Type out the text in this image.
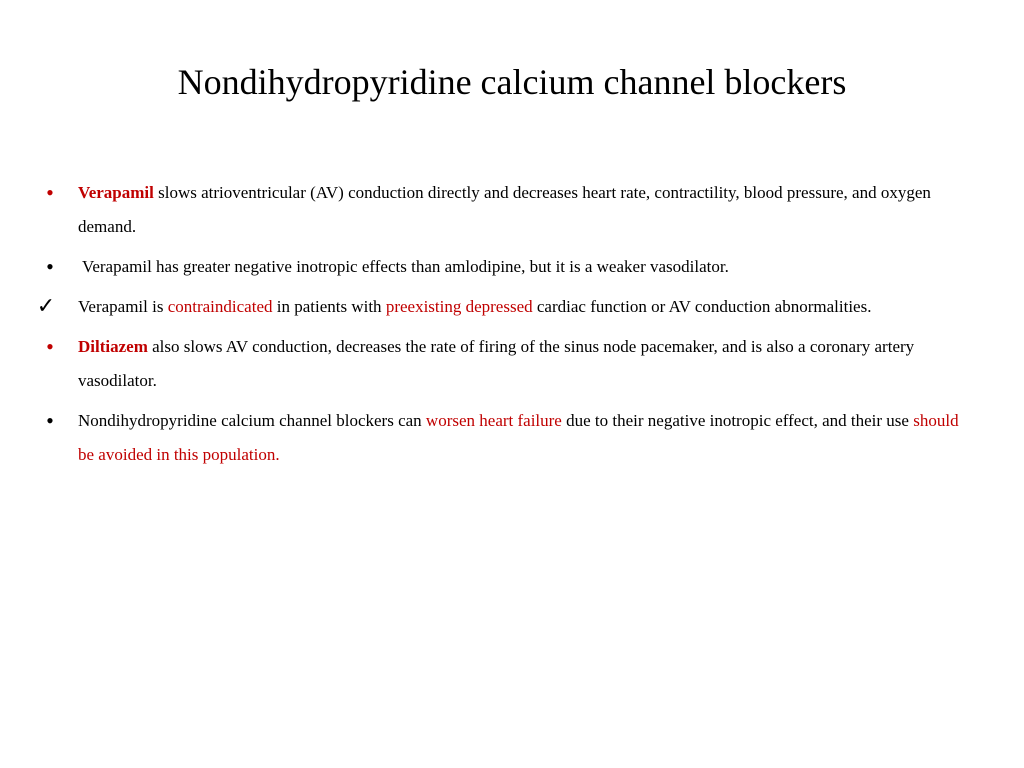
Nondihydropyridine calcium channel blockers
•	Verapamil slows atrioventricular (AV) conduction directly and decreases heart rate, contractility, blood pressure, and oxygen demand.
•	Verapamil has greater negative inotropic effects than amlodipine, but it is a weaker vasodilator.
✓ Verapamil is contraindicated in patients with preexisting depressed cardiac function or AV conduction abnormalities.
•	Diltiazem also slows AV conduction, decreases the rate of firing of the sinus node pacemaker, and is also a coronary artery vasodilator.
•	Nondihydropyridine calcium channel blockers can worsen heart failure due to their negative inotropic effect, and their use should be avoided in this population.
